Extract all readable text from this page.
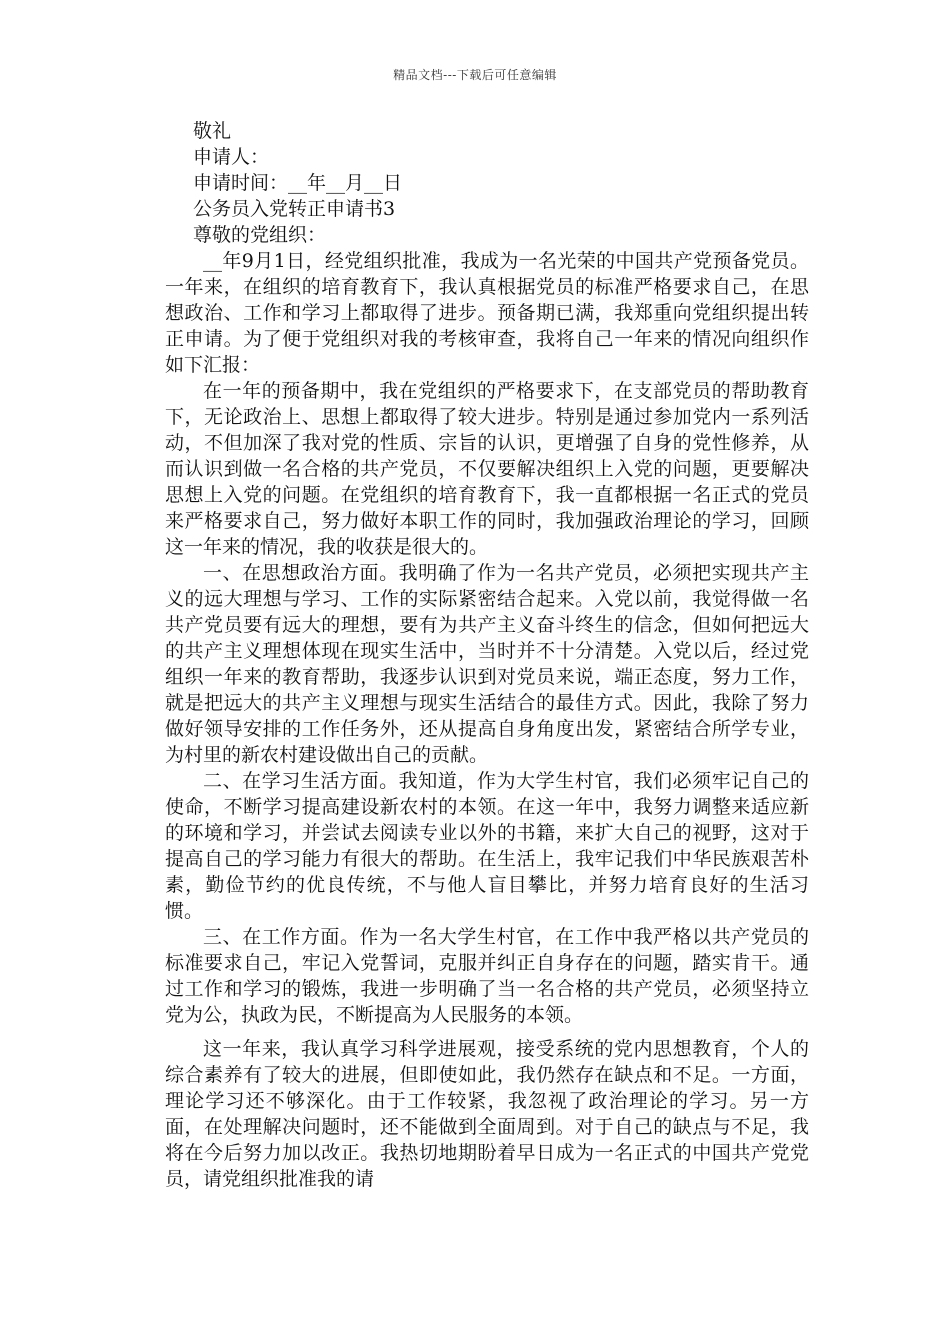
精品文档---下载后可任意编辑
敬礼
申请人：
申请时间：__年__月__日
公务员入党转正申请书3
尊敬的党组织：
__年9月1日，经党组织批准，我成为一名光荣的中国共产党预备党员。一年来，在组织的培育教育下，我认真根据党员的标准严格要求自己，在思想政治、工作和学习上都取得了进步。预备期已满，我郑重向党组织提出转正申请。为了便于党组织对我的考核审查，我将自己一年来的情况向组织作如下汇报：
在一年的预备期中，我在党组织的严格要求下，在支部党员的帮助教育下，无论政治上、思想上都取得了较大进步。特别是通过参加党内一系列活动，不但加深了我对党的性质、宗旨的认识，更增强了自身的党性修养，从而认识到做一名合格的共产党员，不仅要解决组织上入党的问题，更要解决思想上入党的问题。在党组织的培育教育下，我一直都根据一名正式的党员来严格要求自己，努力做好本职工作的同时，我加强政治理论的学习，回顾这一年来的情况，我的收获是很大的。
一、在思想政治方面。我明确了作为一名共产党员，必须把实现共产主义的远大理想与学习、工作的实际紧密结合起来。入党以前，我觉得做一名共产党员要有远大的理想，要有为共产主义奋斗终生的信念，但如何把远大的共产主义理想体现在现实生活中，当时并不十分清楚。入党以后，经过党组织一年来的教育帮助，我逐步认识到对党员来说，端正态度，努力工作，就是把远大的共产主义理想与现实生活结合的最佳方式。因此，我除了努力做好领导安排的工作任务外，还从提高自身角度出发，紧密结合所学专业，为村里的新农村建设做出自己的贡献。
二、在学习生活方面。我知道，作为大学生村官，我们必须牢记自己的使命，不断学习提高建设新农村的本领。在这一年中，我努力调整来适应新的环境和学习，并尝试去阅读专业以外的书籍，来扩大自己的视野，这对于提高自己的学习能力有很大的帮助。在生活上，我牢记我们中华民族艰苦朴素，勤俭节约的优良传统，不与他人盲目攀比，并努力培育良好的生活习惯。
三、在工作方面。作为一名大学生村官，在工作中我严格以共产党员的标准要求自己，牢记入党誓词，克服并纠正自身存在的问题，踏实肯干。通过工作和学习的锻炼，我进一步明确了当一名合格的共产党员，必须坚持立党为公，执政为民，不断提高为人民服务的本领。
这一年来，我认真学习科学进展观，接受系统的党内思想教育，个人的综合素养有了较大的进展，但即使如此，我仍然存在缺点和不足。一方面，理论学习还不够深化。由于工作较紧，我忽视了政治理论的学习。另一方面，在处理解决问题时，还不能做到全面周到。对于自己的缺点与不足，我将在今后努力加以改正。我热切地期盼着早日成为一名正式的中国共产党党员，请党组织批准我的请
